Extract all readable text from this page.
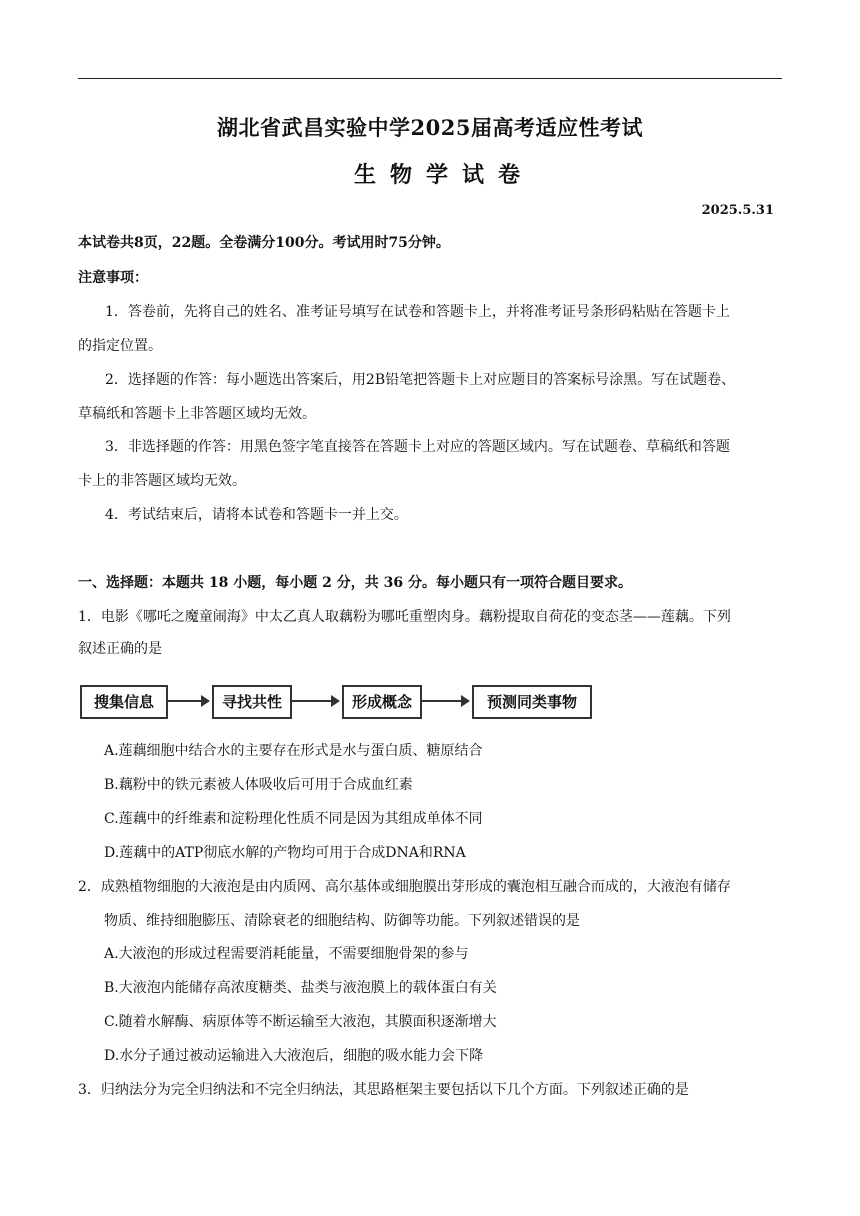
湖北省武昌实验中学2025届高考适应性考试
生物学试卷
2025.5.31
本试卷共8页，22题。全卷满分100分。考试用时75分钟。
注意事项：
1．答卷前，先将自己的姓名、准考证号填写在试卷和答题卡上，并将准考证号条形码粘贴在答题卡上
的指定位置。
2．选择题的作答：每小题选出答案后，用2B铅笔把答题卡上对应题目的答案标号涂黑。写在试题卷、
草稿纸和答题卡上非答题区域均无效。
3．非选择题的作答：用黑色签字笔直接答在答题卡上对应的答题区域内。写在试题卷、草稿纸和答题
卡上的非答题区域均无效。
4．考试结束后，请将本试卷和答题卡一并上交。
一、选择题：本题共 18 小题，每小题 2 分，共 36 分。每小题只有一项符合题目要求。
1．电影《哪吒之魔童闹海》中太乙真人取藕粉为哪吒重塑肉身。藕粉提取自荷花的变态茎——莲藕。下列
叙述正确的是
搜集信息	寻找共性	形成概念	预测同类事物
A.莲藕细胞中结合水的主要存在形式是水与蛋白质、糖原结合
B.藕粉中的铁元素被人体吸收后可用于合成血红素
C.莲藕中的纤维素和淀粉理化性质不同是因为其组成单体不同
D.莲藕中的ATP彻底水解的产物均可用于合成DNA和RNA
2．成熟植物细胞的大液泡是由内质网、高尔基体或细胞膜出芽形成的囊泡相互融合而成的，大液泡有储存
物质、维持细胞膨压、清除衰老的细胞结构、防御等功能。下列叙述错误的是
A.大液泡的形成过程需要消耗能量，不需要细胞骨架的参与
B.大液泡内能储存高浓度糖类、盐类与液泡膜上的载体蛋白有关
C.随着水解酶、病原体等不断运输至大液泡，其膜面积逐渐增大
D.水分子通过被动运输进入大液泡后，细胞的吸水能力会下降
3．归纳法分为完全归纳法和不完全归纳法，其思路框架主要包括以下几个方面。下列叙述正确的是
